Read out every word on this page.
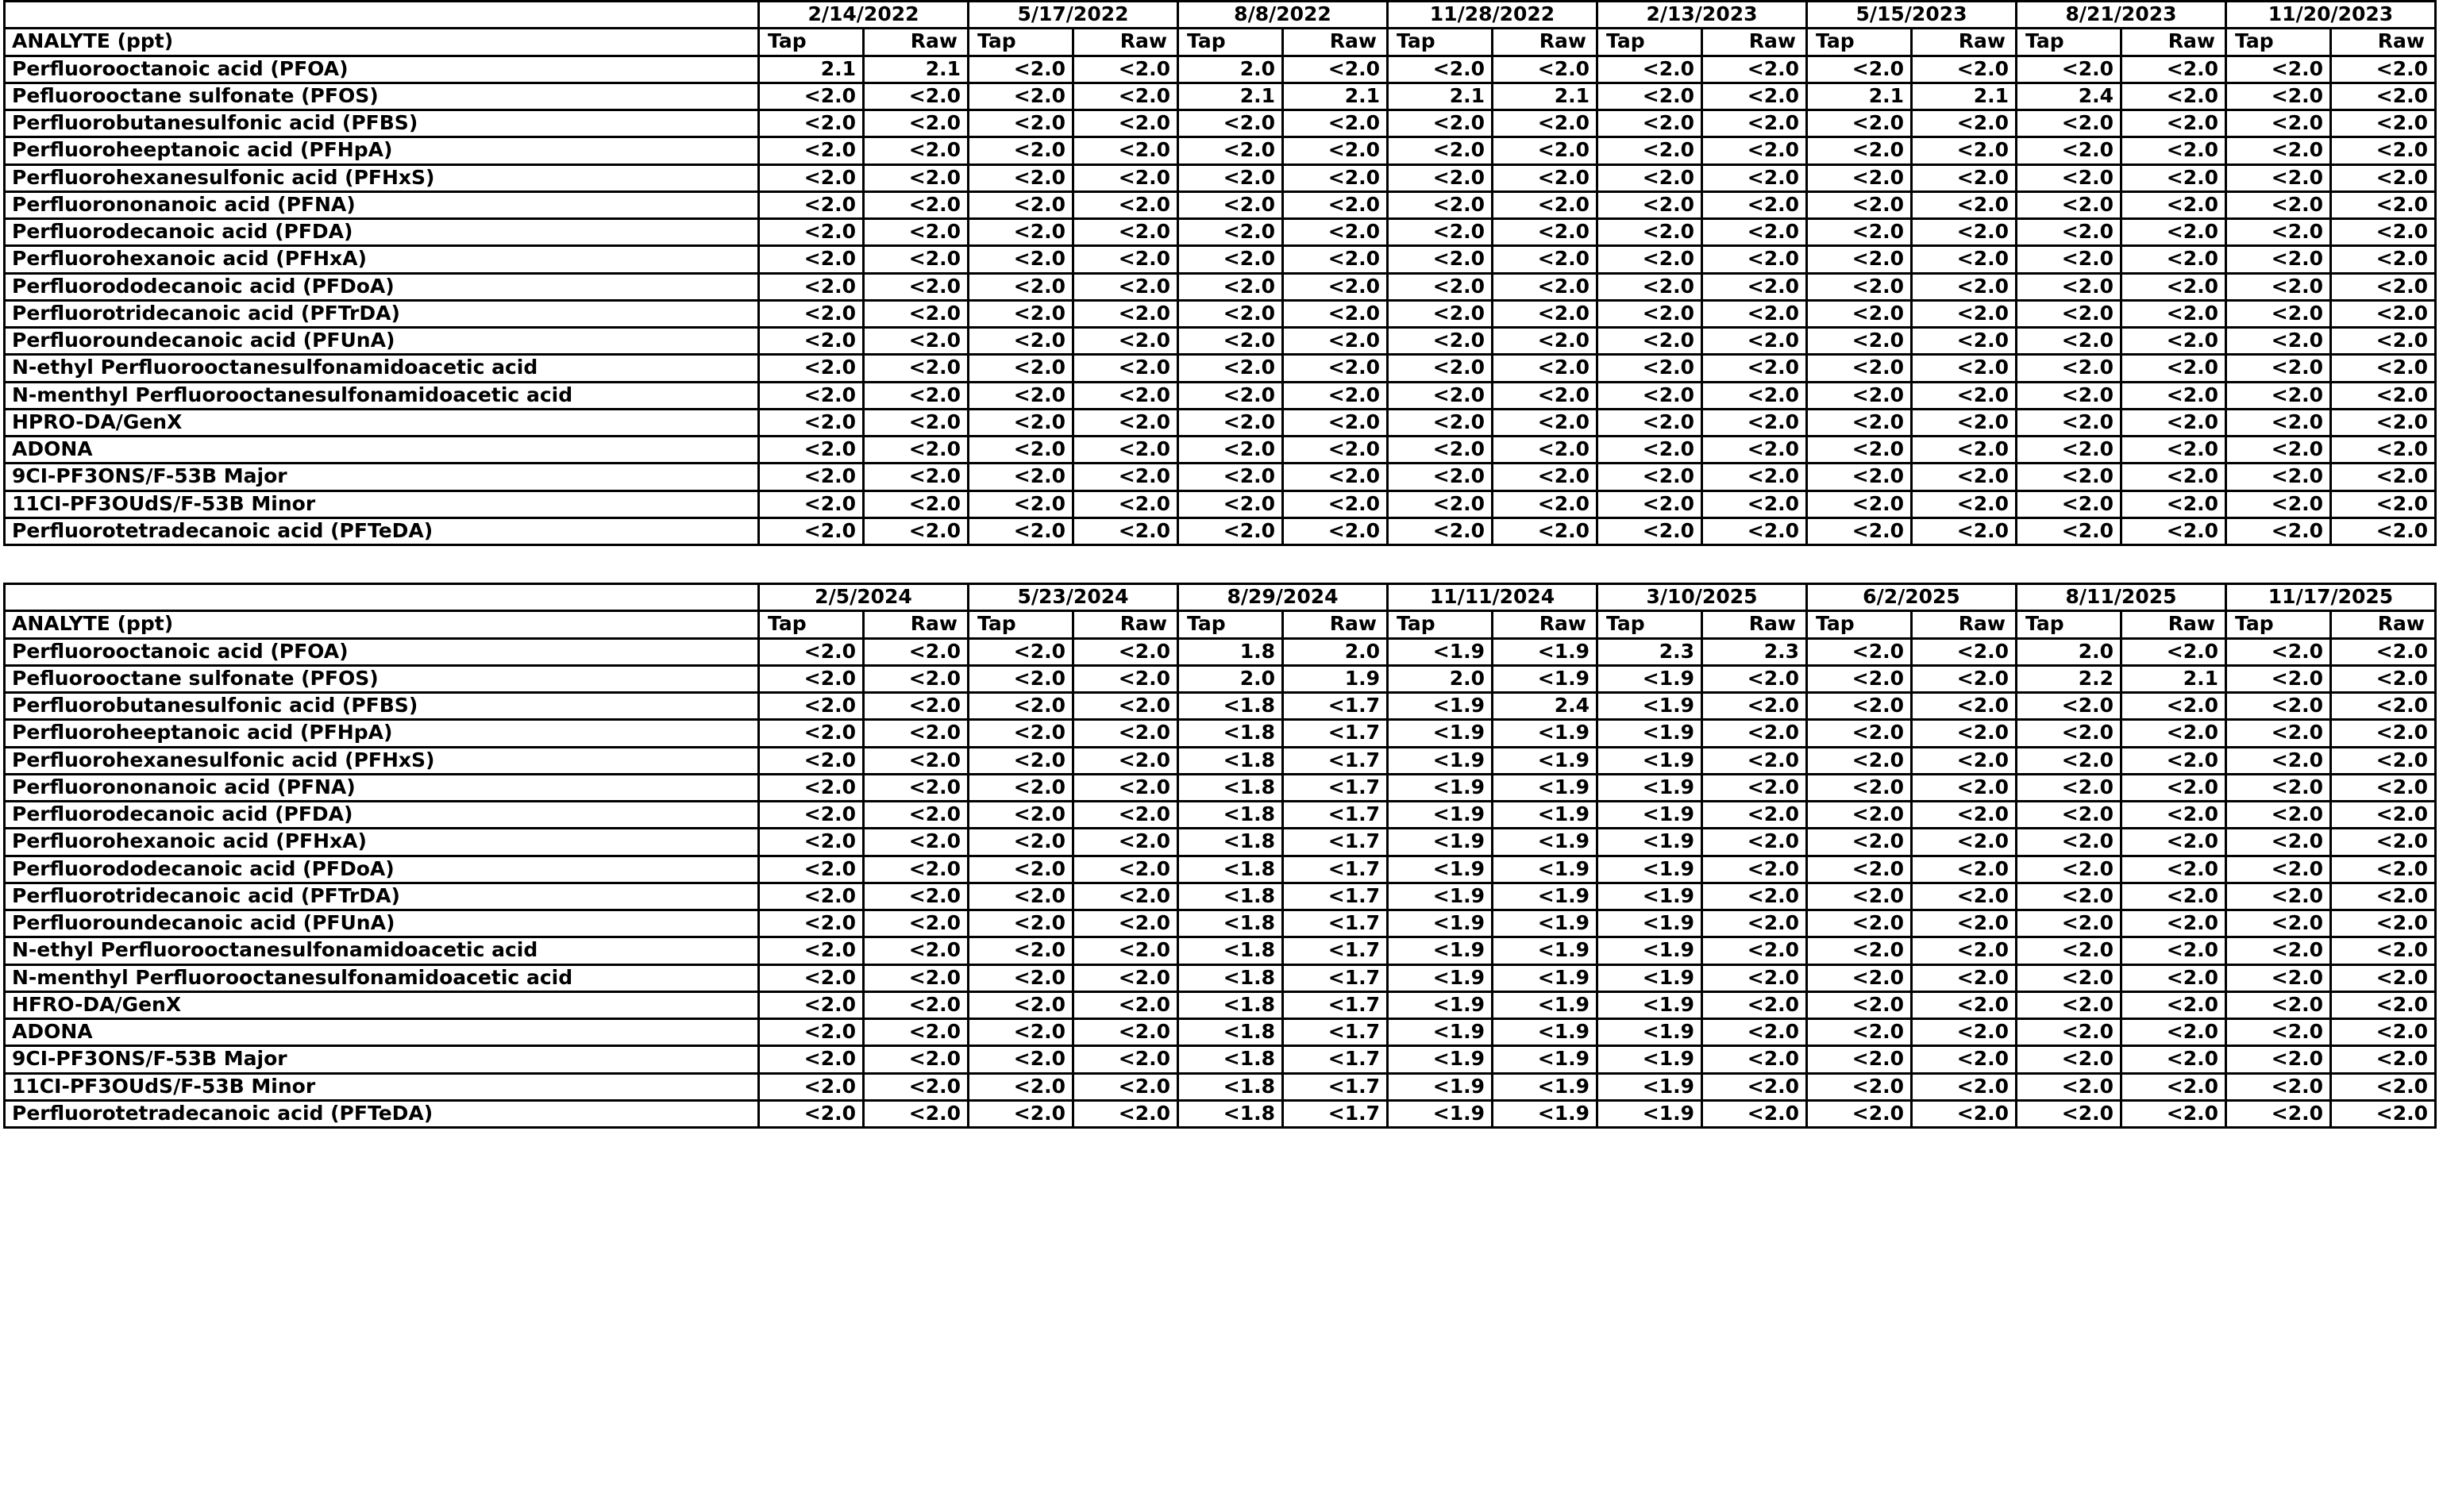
	2/14/2022		5/17/2022		8/8/2022		11/28/2022		2/13/2023		5/15/2023		8/21/2023		11/20/2023	
ANALYTE (ppt)	Tap	Raw	Tap	Raw	Tap	Raw	Tap	Raw	Tap	Raw	Tap	Raw	Tap	Raw	Tap	Raw
Perfluorooctanoic acid (PFOA)	2.1	2.1	<2.0	<2.0	2.0	<2.0	<2.0	<2.0	<2.0	<2.0	<2.0	<2.0	<2.0	<2.0	<2.0	<2.0
Pefluorooctane sulfonate (PFOS)	<2.0	<2.0	<2.0	<2.0	2.1	2.1	2.1	2.1	<2.0	<2.0	2.1	2.1	2.4	<2.0	<2.0	<2.0
Perfluorobutanesulfonic acid (PFBS)	<2.0	<2.0	<2.0	<2.0	<2.0	<2.0	<2.0	<2.0	<2.0	<2.0	<2.0	<2.0	<2.0	<2.0	<2.0	<2.0
Perfluoroheeptanoic acid (PFHpA)	<2.0	<2.0	<2.0	<2.0	<2.0	<2.0	<2.0	<2.0	<2.0	<2.0	<2.0	<2.0	<2.0	<2.0	<2.0	<2.0
Perfluorohexanesulfonic acid (PFHxS)	<2.0	<2.0	<2.0	<2.0	<2.0	<2.0	<2.0	<2.0	<2.0	<2.0	<2.0	<2.0	<2.0	<2.0	<2.0	<2.0
Perfluorononanoic acid (PFNA)	<2.0	<2.0	<2.0	<2.0	<2.0	<2.0	<2.0	<2.0	<2.0	<2.0	<2.0	<2.0	<2.0	<2.0	<2.0	<2.0
Perfluorodecanoic acid (PFDA)	<2.0	<2.0	<2.0	<2.0	<2.0	<2.0	<2.0	<2.0	<2.0	<2.0	<2.0	<2.0	<2.0	<2.0	<2.0	<2.0
Perfluorohexanoic acid (PFHxA)	<2.0	<2.0	<2.0	<2.0	<2.0	<2.0	<2.0	<2.0	<2.0	<2.0	<2.0	<2.0	<2.0	<2.0	<2.0	<2.0
Perfluorododecanoic acid (PFDoA)	<2.0	<2.0	<2.0	<2.0	<2.0	<2.0	<2.0	<2.0	<2.0	<2.0	<2.0	<2.0	<2.0	<2.0	<2.0	<2.0
Perfluorotridecanoic acid (PFTrDA)	<2.0	<2.0	<2.0	<2.0	<2.0	<2.0	<2.0	<2.0	<2.0	<2.0	<2.0	<2.0	<2.0	<2.0	<2.0	<2.0
Perfluoroundecanoic acid (PFUnA)	<2.0	<2.0	<2.0	<2.0	<2.0	<2.0	<2.0	<2.0	<2.0	<2.0	<2.0	<2.0	<2.0	<2.0	<2.0	<2.0
N-ethyl Perfluorooctanesulfonamidoacetic acid	<2.0	<2.0	<2.0	<2.0	<2.0	<2.0	<2.0	<2.0	<2.0	<2.0	<2.0	<2.0	<2.0	<2.0	<2.0	<2.0
N-menthyl Perfluorooctanesulfonamidoacetic acid	<2.0	<2.0	<2.0	<2.0	<2.0	<2.0	<2.0	<2.0	<2.0	<2.0	<2.0	<2.0	<2.0	<2.0	<2.0	<2.0
HPRO-DA/GenX	<2.0	<2.0	<2.0	<2.0	<2.0	<2.0	<2.0	<2.0	<2.0	<2.0	<2.0	<2.0	<2.0	<2.0	<2.0	<2.0
ADONA	<2.0	<2.0	<2.0	<2.0	<2.0	<2.0	<2.0	<2.0	<2.0	<2.0	<2.0	<2.0	<2.0	<2.0	<2.0	<2.0
9CI-PF3ONS/F-53B Major	<2.0	<2.0	<2.0	<2.0	<2.0	<2.0	<2.0	<2.0	<2.0	<2.0	<2.0	<2.0	<2.0	<2.0	<2.0	<2.0
11CI-PF3OUdS/F-53B Minor	<2.0	<2.0	<2.0	<2.0	<2.0	<2.0	<2.0	<2.0	<2.0	<2.0	<2.0	<2.0	<2.0	<2.0	<2.0	<2.0
Perfluorotetradecanoic acid (PFTeDA)	<2.0	<2.0	<2.0	<2.0	<2.0	<2.0	<2.0	<2.0	<2.0	<2.0	<2.0	<2.0	<2.0	<2.0	<2.0	<2.0
	2/5/2024		5/23/2024		8/29/2024		11/11/2024		3/10/2025		6/2/2025		8/11/2025		11/17/2025	
ANALYTE (ppt)	Tap	Raw	Tap	Raw	Tap	Raw	Tap	Raw	Tap	Raw	Tap	Raw	Tap	Raw	Tap	Raw
Perfluorooctanoic acid (PFOA)	<2.0	<2.0	<2.0	<2.0	1.8	2.0	<1.9	<1.9	2.3	2.3	<2.0	<2.0	2.0	<2.0	<2.0	<2.0
Pefluorooctane sulfonate (PFOS)	<2.0	<2.0	<2.0	<2.0	2.0	1.9	2.0	<1.9	<1.9	<2.0	<2.0	<2.0	2.2	2.1	<2.0	<2.0
Perfluorobutanesulfonic acid (PFBS)	<2.0	<2.0	<2.0	<2.0	<1.8	<1.7	<1.9	2.4	<1.9	<2.0	<2.0	<2.0	<2.0	<2.0	<2.0	<2.0
Perfluoroheeptanoic acid (PFHpA)	<2.0	<2.0	<2.0	<2.0	<1.8	<1.7	<1.9	<1.9	<1.9	<2.0	<2.0	<2.0	<2.0	<2.0	<2.0	<2.0
Perfluorohexanesulfonic acid (PFHxS)	<2.0	<2.0	<2.0	<2.0	<1.8	<1.7	<1.9	<1.9	<1.9	<2.0	<2.0	<2.0	<2.0	<2.0	<2.0	<2.0
Perfluorononanoic acid (PFNA)	<2.0	<2.0	<2.0	<2.0	<1.8	<1.7	<1.9	<1.9	<1.9	<2.0	<2.0	<2.0	<2.0	<2.0	<2.0	<2.0
Perfluorodecanoic acid (PFDA)	<2.0	<2.0	<2.0	<2.0	<1.8	<1.7	<1.9	<1.9	<1.9	<2.0	<2.0	<2.0	<2.0	<2.0	<2.0	<2.0
Perfluorohexanoic acid (PFHxA)	<2.0	<2.0	<2.0	<2.0	<1.8	<1.7	<1.9	<1.9	<1.9	<2.0	<2.0	<2.0	<2.0	<2.0	<2.0	<2.0
Perfluorododecanoic acid (PFDoA)	<2.0	<2.0	<2.0	<2.0	<1.8	<1.7	<1.9	<1.9	<1.9	<2.0	<2.0	<2.0	<2.0	<2.0	<2.0	<2.0
Perfluorotridecanoic acid (PFTrDA)	<2.0	<2.0	<2.0	<2.0	<1.8	<1.7	<1.9	<1.9	<1.9	<2.0	<2.0	<2.0	<2.0	<2.0	<2.0	<2.0
Perfluoroundecanoic acid (PFUnA)	<2.0	<2.0	<2.0	<2.0	<1.8	<1.7	<1.9	<1.9	<1.9	<2.0	<2.0	<2.0	<2.0	<2.0	<2.0	<2.0
N-ethyl Perfluorooctanesulfonamidoacetic acid	<2.0	<2.0	<2.0	<2.0	<1.8	<1.7	<1.9	<1.9	<1.9	<2.0	<2.0	<2.0	<2.0	<2.0	<2.0	<2.0
N-menthyl Perfluorooctanesulfonamidoacetic acid	<2.0	<2.0	<2.0	<2.0	<1.8	<1.7	<1.9	<1.9	<1.9	<2.0	<2.0	<2.0	<2.0	<2.0	<2.0	<2.0
HFRO-DA/GenX	<2.0	<2.0	<2.0	<2.0	<1.8	<1.7	<1.9	<1.9	<1.9	<2.0	<2.0	<2.0	<2.0	<2.0	<2.0	<2.0
ADONA	<2.0	<2.0	<2.0	<2.0	<1.8	<1.7	<1.9	<1.9	<1.9	<2.0	<2.0	<2.0	<2.0	<2.0	<2.0	<2.0
9CI-PF3ONS/F-53B Major	<2.0	<2.0	<2.0	<2.0	<1.8	<1.7	<1.9	<1.9	<1.9	<2.0	<2.0	<2.0	<2.0	<2.0	<2.0	<2.0
11CI-PF3OUdS/F-53B Minor	<2.0	<2.0	<2.0	<2.0	<1.8	<1.7	<1.9	<1.9	<1.9	<2.0	<2.0	<2.0	<2.0	<2.0	<2.0	<2.0
Perfluorotetradecanoic acid (PFTeDA)	<2.0	<2.0	<2.0	<2.0	<1.8	<1.7	<1.9	<1.9	<1.9	<2.0	<2.0	<2.0	<2.0	<2.0	<2.0	<2.0
